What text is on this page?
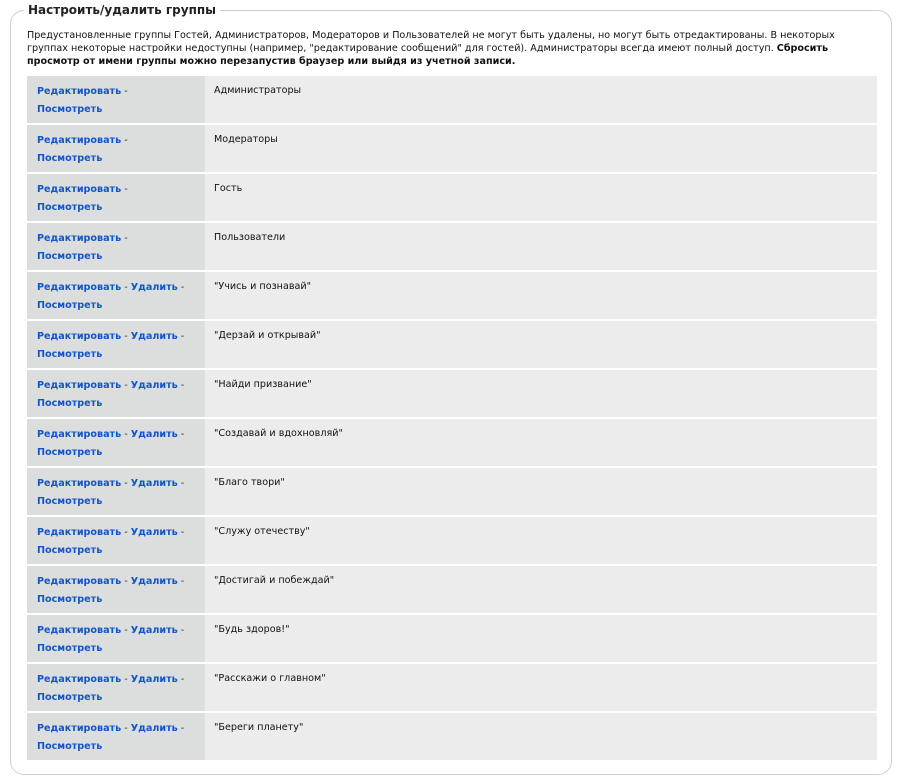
Настроить/удалить группы
Предустановленные группы Гостей, Администраторов, Модераторов и Пользователей не могут быть удалены, но могут быть отредактированы. В некоторых группах некоторые настройки недоступны (например, "редактирование сообщений" для гостей). Администраторы всегда имеют полный доступ. Сбросить просмотр от имени группы можно перезапустив браузер или выйдя из учетной записи.
Редактировать -
Посмотреть
Администраторы
Редактировать -
Посмотреть
Модераторы
Редактировать -
Посмотреть
Гость
Редактировать -
Посмотреть
Пользователи
Редактировать - Удалить -
Посмотреть
"Учись и познавай"
Редактировать - Удалить -
Посмотреть
"Дерзай и открывай"
Редактировать - Удалить -
Посмотреть
"Найди призвание"
Редактировать - Удалить -
Посмотреть
"Создавай и вдохновляй"
Редактировать - Удалить -
Посмотреть
"Благо твори"
Редактировать - Удалить -
Посмотреть
"Служу отечеству"
Редактировать - Удалить -
Посмотреть
"Достигай и побеждай"
Редактировать - Удалить -
Посмотреть
"Будь здоров!"
Редактировать - Удалить -
Посмотреть
"Расскажи о главном"
Редактировать - Удалить -
Посмотреть
"Береги планету"
